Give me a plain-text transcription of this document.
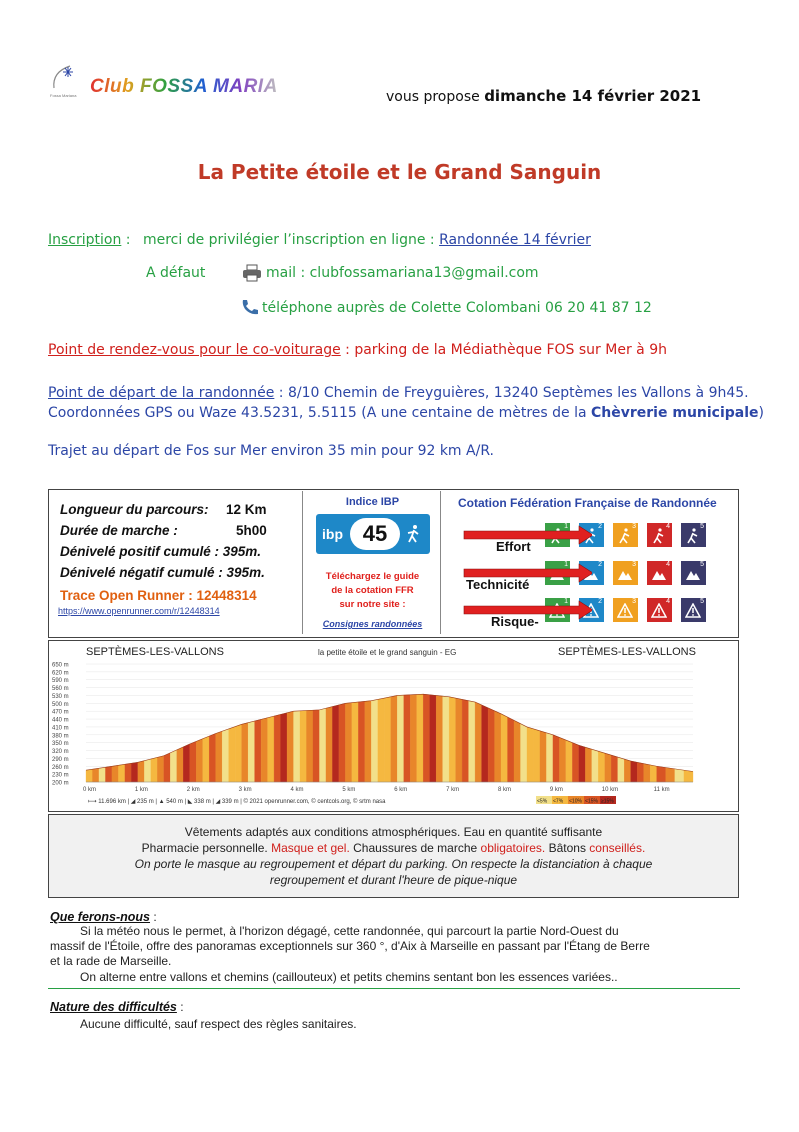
Club FOSSA MARIA
Fossa Mariana	vous propose dimanche 14 février 2021
La Petite étoile et le Grand Sanguin
Inscription : merci de privilégier l’inscription en ligne : Randonnée 14 février
A défaut	mail : clubfossamariana13@gmail.com
téléphone auprès de Colette Colombani 06 20 41 87 12
Point de rendez-vous pour le co-voiturage : parking de la Médiathèque FOS sur Mer à 9h
Point de départ de la randonnée : 8/10 Chemin de Freyguières, 13240 Septèmes les Vallons à 9h45.
Coordonnées GPS ou Waze 43.5231, 5.5115 (A une centaine de mètres de la Chèvrerie municipale)
Trajet au départ de Fos sur Mer environ 35 min pour 92 km A/R.
Longueur du parcours: 12 Km
Durée de marche :	5h00
Dénivelé positif cumulé : 395m.
Dénivelé négatif cumulé : 395m.
Trace Open Runner : 12448314
https://www.openrunner.com/r/12448314
Indice IBP
ibp 45
Téléchargez le guide
de la cotation FFR
sur notre site :
Consignes randonnées
Cotation Fédération Française de Randonnée
Effort
1	2	3	4	5
Technicité
1	2	3	4	5
Risque-
1	2	3	4	5
SEPTÈMES-LES-VALLONS	SEPTÈMES-LES-VALLONS
la petite étoile et le grand sanguin - EG
650 m
620 m
590 m
560 m
530 m
500 m
470 m
440 m
410 m
380 m
350 m
320 m
290 m
260 m
230 m
200 m
0 km	1 km	2 km	3 km	4 km	5 km	6 km	7 km	8 km	9 km	10 km	11 km
⟼ 11.696 km | ◢ 235 m | ▲ 540 m | ◣ 338 m | ◢ 339 m | © 2021 openrunner.com, © centcols.org, © srtm nasa	<5% <7% <10% <15% ≥15%
Vêtements adaptés aux conditions atmosphériques. Eau en quantité suffisante
Pharmacie personnelle. Masque et gel. Chaussures de marche obligatoires. Bâtons conseillés.
On porte le masque au regroupement et départ du parking. On respecte la distanciation à chaque
regroupement et durant l'heure de pique-nique
Que ferons-nous :
Si la météo nous le permet, à l'horizon dégagé, cette randonnée, qui parcourt la partie Nord-Ouest du
massif de l'Étoile, offre des panoramas exceptionnels sur 360 °, d'Aix à Marseille en passant par l'Étang de Berre
et la rade de Marseille.
On alterne entre vallons et chemins (caillouteux) et petits chemins sentant bon les essences variées..
Nature des difficultés :
Aucune difficulté, sauf respect des règles sanitaires.
